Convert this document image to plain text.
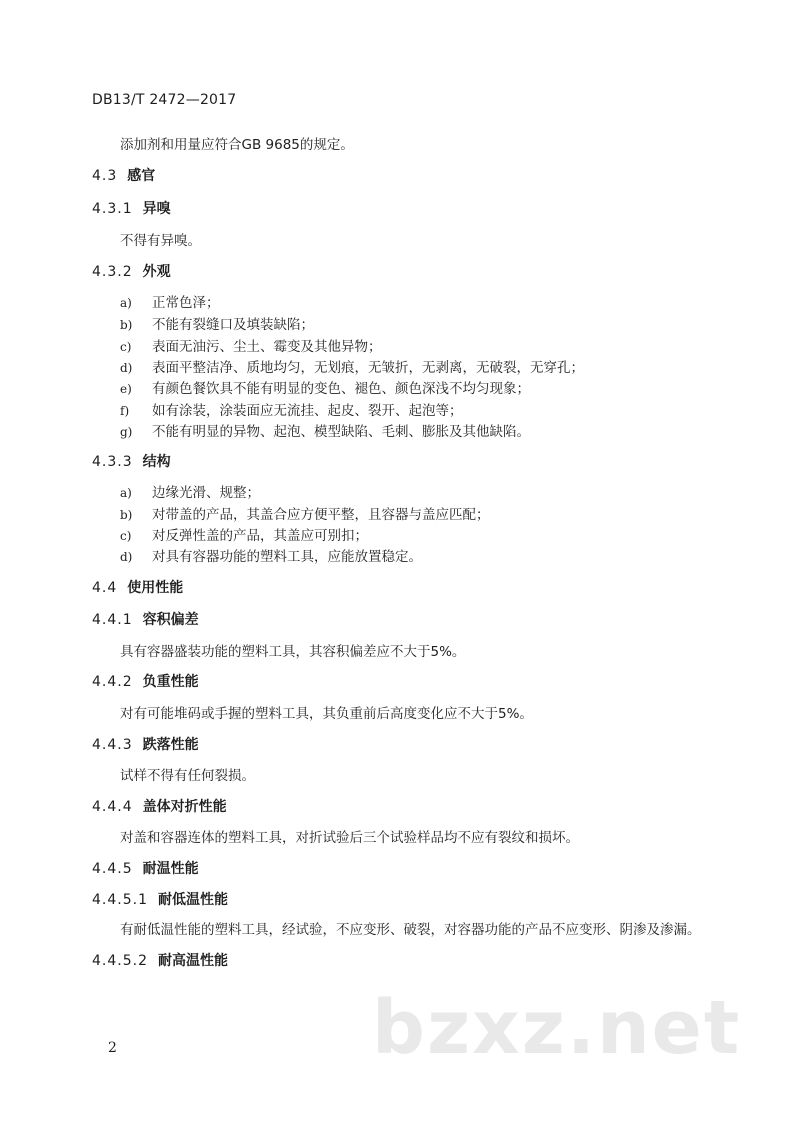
DB13/T 2472—2017
添加剂和用量应符合GB 9685的规定。
4.3 感官
4.3.1 异嗅
不得有异嗅。
4.3.2 外观
a) 正常色泽；
b) 不能有裂缝口及填装缺陷；
c) 表面无油污、尘土、霉变及其他异物；
d) 表面平整洁净、质地均匀，无划痕，无皱折，无剥离，无破裂，无穿孔；
e) 有颜色餐饮具不能有明显的变色、褪色、颜色深浅不均匀现象；
f) 如有涂装，涂装面应无流挂、起皮、裂开、起泡等；
g) 不能有明显的异物、起泡、模型缺陷、毛刺、膨胀及其他缺陷。
4.3.3 结构
a) 边缘光滑、规整；
b) 对带盖的产品，其盖合应方便平整，且容器与盖应匹配；
c) 对反弹性盖的产品，其盖应可别扣；
d) 对具有容器功能的塑料工具，应能放置稳定。
4.4 使用性能
4.4.1 容积偏差
具有容器盛装功能的塑料工具，其容积偏差应不大于5%。
4.4.2 负重性能
对有可能堆码或手握的塑料工具，其负重前后高度变化应不大于5%。
4.4.3 跌落性能
试样不得有任何裂损。
4.4.4 盖体对折性能
对盖和容器连体的塑料工具，对折试验后三个试验样品均不应有裂纹和损坏。
4.4.5 耐温性能
4.4.5.1 耐低温性能
有耐低温性能的塑料工具，经试验，不应变形、破裂，对容器功能的产品不应变形、阴渗及渗漏。
4.4.5.2 耐高温性能
bzxz.net
2
